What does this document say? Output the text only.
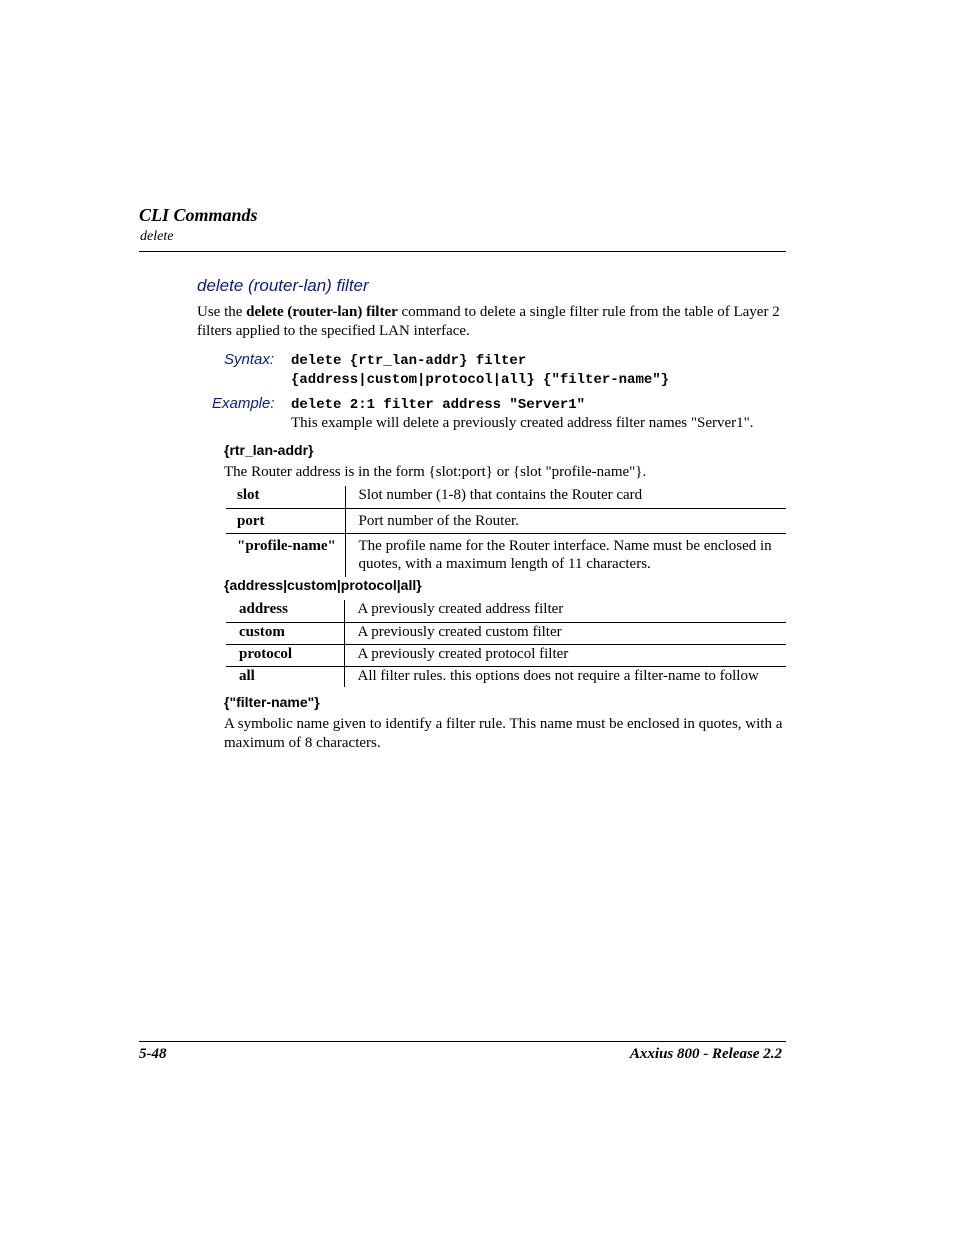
CLI Commands
delete
delete (router-lan) filter
Use the delete (router-lan) filter command to delete a single filter rule from the table of Layer 2 filters applied to the specified LAN interface.
Syntax: delete {rtr_lan-addr} filter
{address|custom|protocol|all} {"filter-name"}
Example: delete 2:1 filter address "Server1"
This example will delete a previously created address filter names "Server1".
{rtr_lan-addr}
The Router address is in the form {slot:port} or {slot "profile-name"}.
slot	Slot number (1-8) that contains the Router card
port	Port number of the Router.
"profile-name"	The profile name for the Router interface. Name must be enclosed in quotes, with a maximum length of 11 characters.
{address|custom|protocol|all}
address	A previously created address filter
custom	A previously created custom filter
protocol	A previously created protocol filter
all	All filter rules. this options does not require a filter-name to follow
{"filter-name"}
A symbolic name given to identify a filter rule. This name must be enclosed in quotes, with a maximum of 8 characters.
5-48	Axxius 800 - Release 2.2
